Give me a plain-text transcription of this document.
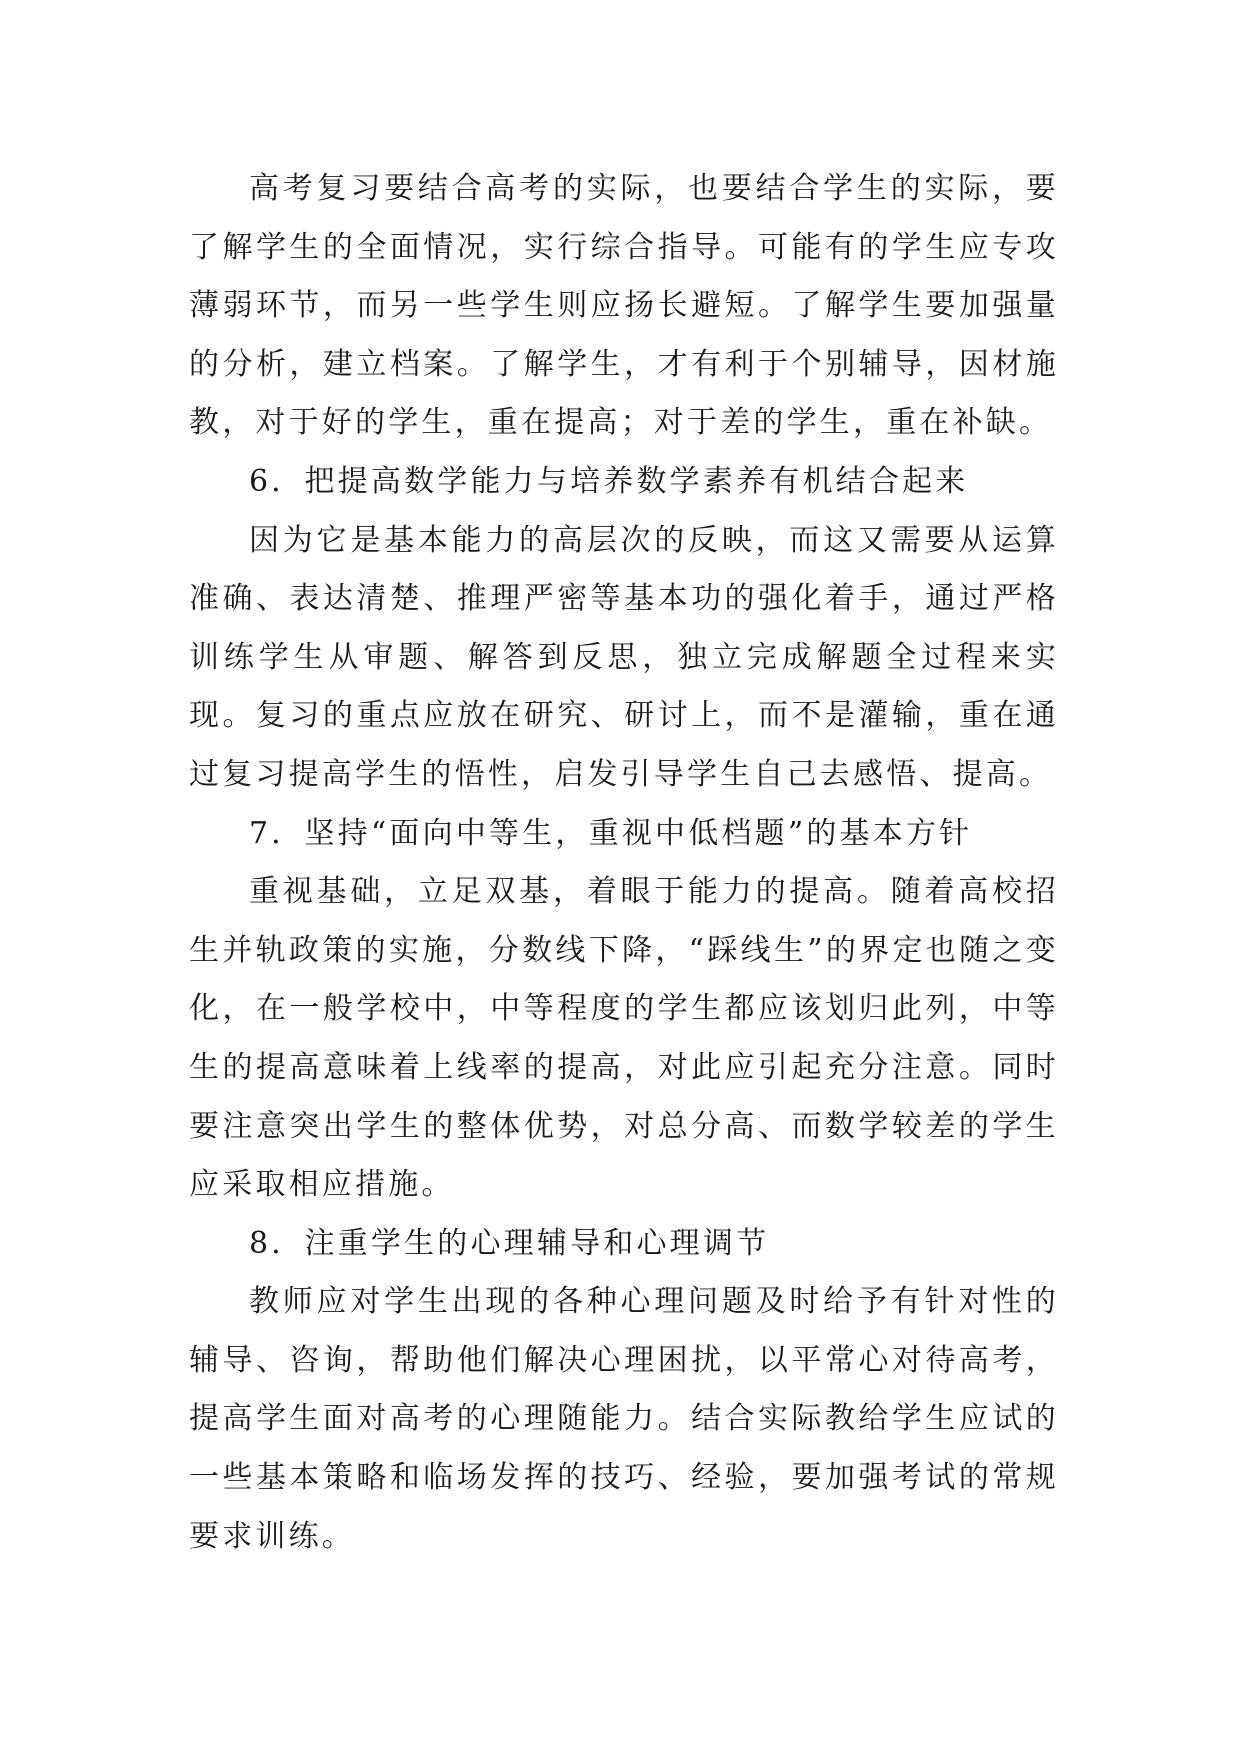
高考复习要结合高考的实际，也要结合学生的实际，要了解学生的全面情况，实行综合指导。可能有的学生应专攻薄弱环节，而另一些学生则应扬长避短。了解学生要加强量的分析，建立档案。了解学生，才有利于个别辅导，因材施教，对于好的学生，重在提高；对于差的学生，重在补缺。

6．把提高数学能力与培养数学素养有机结合起来

因为它是基本能力的高层次的反映，而这又需要从运算准确、表达清楚、推理严密等基本功的强化着手，通过严格训练学生从审题、解答到反思，独立完成解题全过程来实现。复习的重点应放在研究、研讨上，而不是灌输，重在通过复习提高学生的悟性，启发引导学生自己去感悟、提高。

7．坚持“面向中等生，重视中低档题”的基本方针

重视基础，立足双基，着眼于能力的提高。随着高校招生并轨政策的实施，分数线下降，“踩线生”的界定也随之变化，在一般学校中，中等程度的学生都应该划归此列，中等生的提高意味着上线率的提高，对此应引起充分注意。同时要注意突出学生的整体优势，对总分高、而数学较差的学生应采取相应措施。

8．注重学生的心理辅导和心理调节

教师应对学生出现的各种心理问题及时给予有针对性的辅导、咨询，帮助他们解决心理困扰，以平常心对待高考，提高学生面对高考的心理随能力。结合实际教给学生应试的一些基本策略和临场发挥的技巧、经验，要加强考试的常规要求训练。
